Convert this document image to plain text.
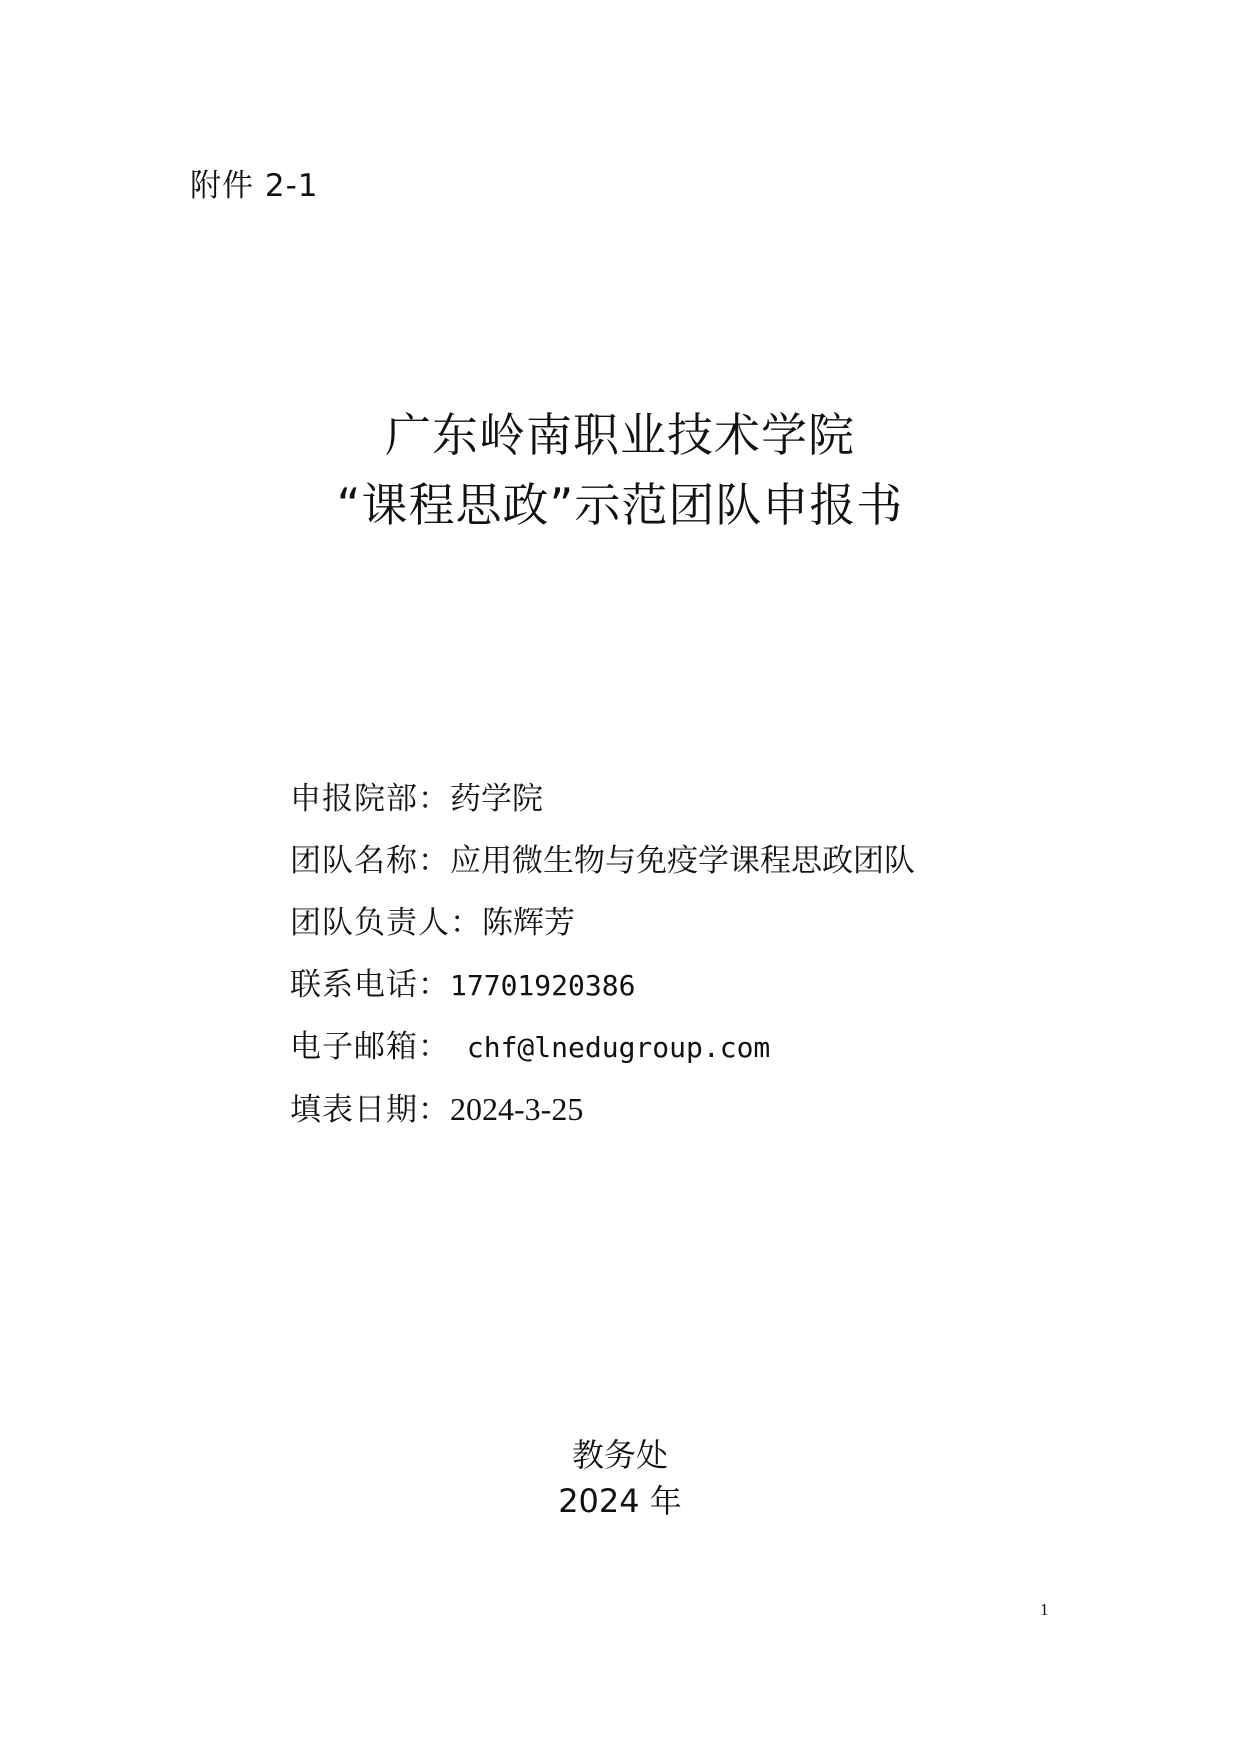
附件 2-1
广东岭南职业技术学院
“课程思政”示范团队申报书
申报院部：药学院
团队名称：应用微生物与免疫学课程思政团队
团队负责人：陈辉芳
联系电话：17701920386
电子邮箱： chf@lnedugroup.com
填表日期：2024-3-25
教务处
2024 年
1
